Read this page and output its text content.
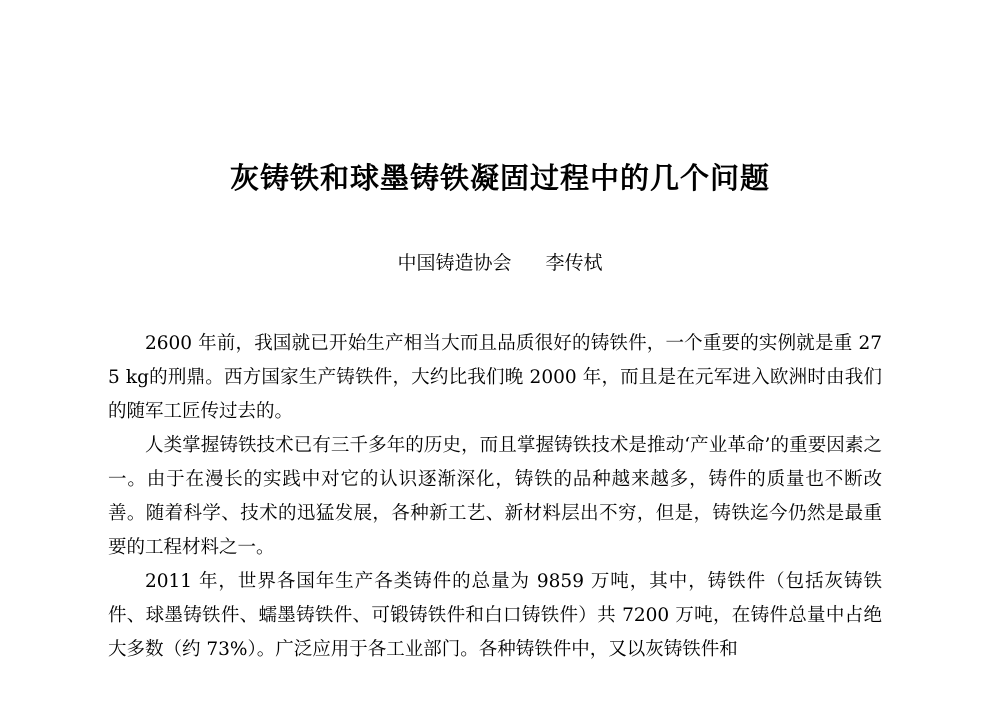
灰铸铁和球墨铸铁凝固过程中的几个问题
中国铸造协会 李传栻

2600 年前，我国就已开始生产相当大而且品质很好的铸铁件，一个重要的实例就是重 275 kg的刑鼎。西方国家生产铸铁件，大约比我们晚 2000 年，而且是在元军进入欧洲时由我们的随军工匠传过去的。

人类掌握铸铁技术已有三千多年的历史，而且掌握铸铁技术是推动‘产业革命’的重要因素之一。由于在漫长的实践中对它的认识逐渐深化，铸铁的品种越来越多，铸件的质量也不断改善。随着科学、技术的迅猛发展，各种新工艺、新材料层出不穷，但是，铸铁迄今仍然是最重要的工程材料之一。

2011 年，世界各国年生产各类铸件的总量为 9859 万吨，其中，铸铁件（包括灰铸铁件、球墨铸铁件、蠕墨铸铁件、可锻铸铁件和白口铸铁件）共 7200 万吨，在铸件总量中占绝大多数（约 73%）。广泛应用于各工业部门。各种铸铁件中，又以灰铸铁件和
